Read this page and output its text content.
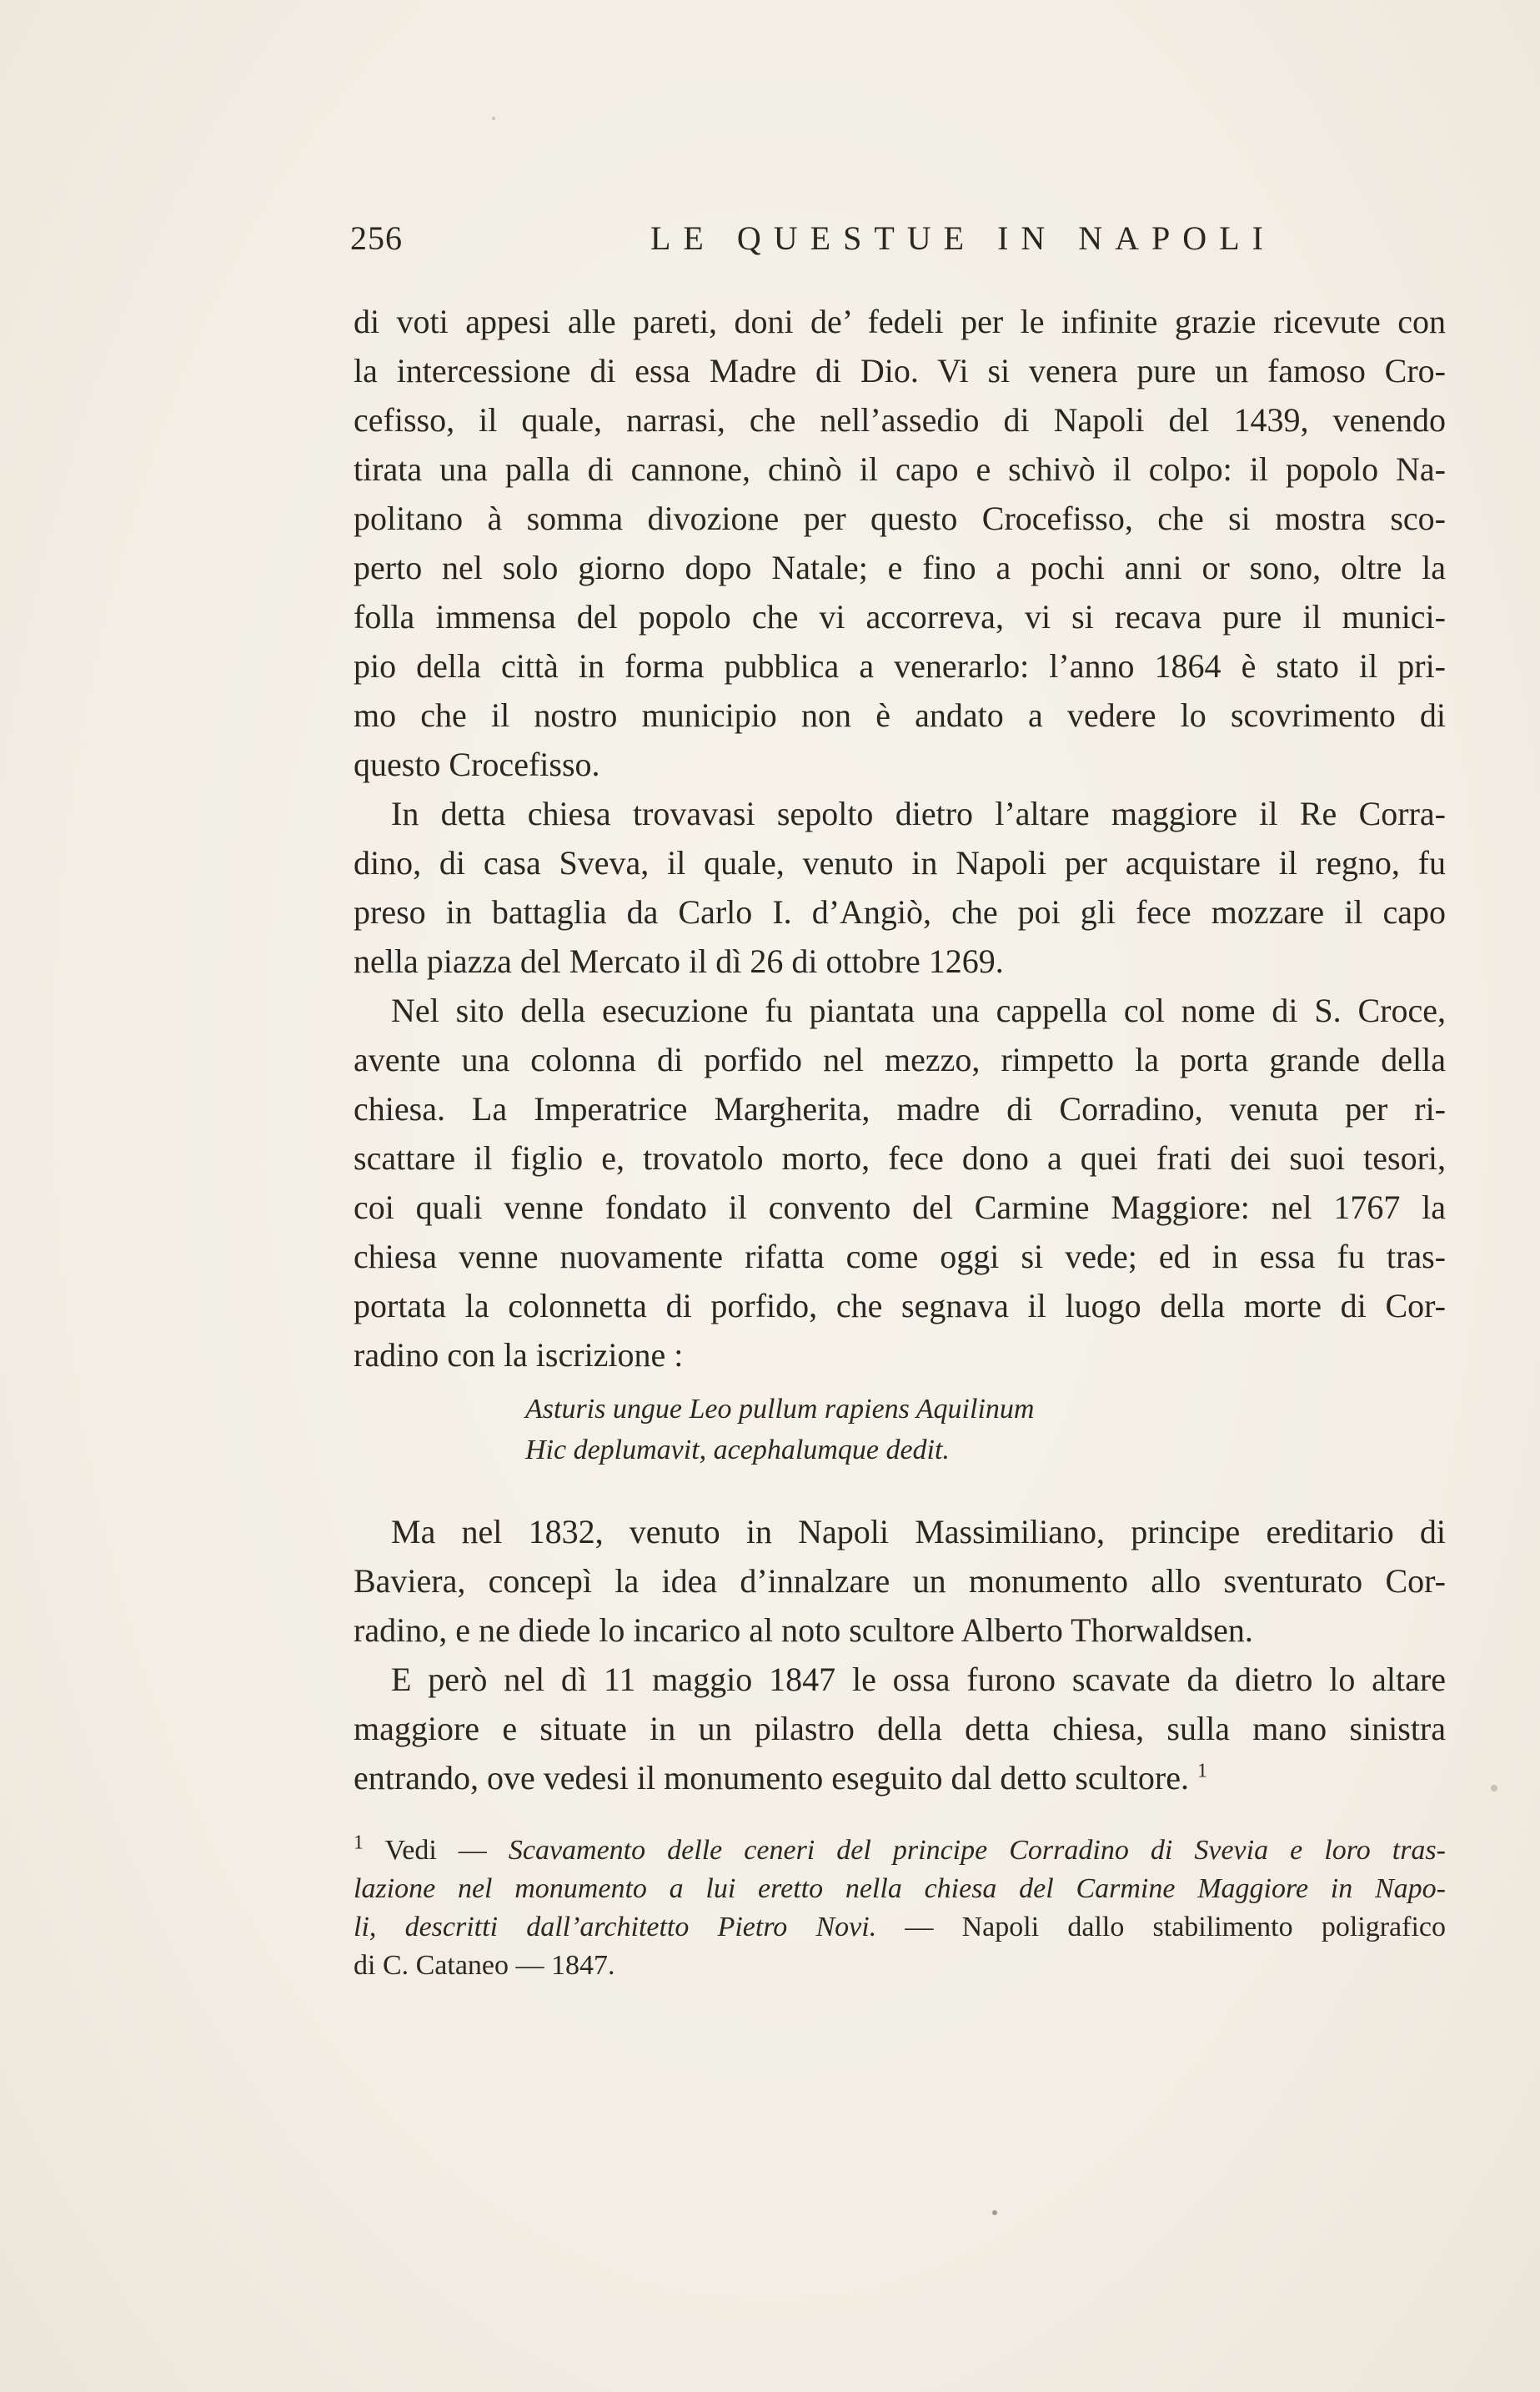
256	LE QUESTUE IN NAPOLI

di voti appesi alle pareti, doni de’ fedeli per le infinite grazie ricevute con

la intercessione di essa Madre di Dio. Vi si venera pure un famoso Cro-

cefisso, il quale, narrasi, che nell’assedio di Napoli del 1439, venendo

tirata una palla di cannone, chinò il capo e schivò il colpo: il popolo Na-

politano à somma divozione per questo Crocefisso, che si mostra sco-

perto nel solo giorno dopo Natale; e fino a pochi anni or sono, oltre la

folla immensa del popolo che vi accorreva, vi si recava pure il munici-

pio della città in forma pubblica a venerarlo: l’anno 1864 è stato il pri-

mo che il nostro municipio non è andato a vedere lo scovrimento di

questo Crocefisso.

In detta chiesa trovavasi sepolto dietro l’altare maggiore il Re Corra-

dino, di casa Sveva, il quale, venuto in Napoli per acquistare il regno, fu

preso in battaglia da Carlo I. d’Angiò, che poi gli fece mozzare il capo

nella piazza del Mercato il dì 26 di ottobre 1269.

Nel sito della esecuzione fu piantata una cappella col nome di S. Croce,

avente una colonna di porfido nel mezzo, rimpetto la porta grande della

chiesa. La Imperatrice Margherita, madre di Corradino, venuta per ri-

scattare il figlio e, trovatolo morto, fece dono a quei frati dei suoi tesori,

coi quali venne fondato il convento del Carmine Maggiore: nel 1767 la

chiesa venne nuovamente rifatta come oggi si vede; ed in essa fu tras-

portata la colonnetta di porfido, che segnava il luogo della morte di Cor-

radino con la iscrizione :

Asturis ungue Leo pullum rapiens Aquilinum
Hic deplumavit, acephalumque dedit.

Ma nel 1832, venuto in Napoli Massimiliano, principe ereditario di

Baviera, concepì la idea d’innalzare un monumento allo sventurato Cor-

radino, e ne diede lo incarico al noto scultore Alberto Thorwaldsen.

E però nel dì 11 maggio 1847 le ossa furono scavate da dietro lo altare

maggiore e situate in un pilastro della detta chiesa, sulla mano sinistra

entrando, ove vedesi il monumento eseguito dal detto scultore. $^1$

$^1$ Vedi — Scavamento delle ceneri del principe Corradino di Svevia e loro tras-

lazione nel monumento a lui eretto nella chiesa del Carmine Maggiore in Napo-

li, descritti dall’architetto Pietro Novi. — Napoli dallo stabilimento poligrafico

di C. Cataneo — 1847.
